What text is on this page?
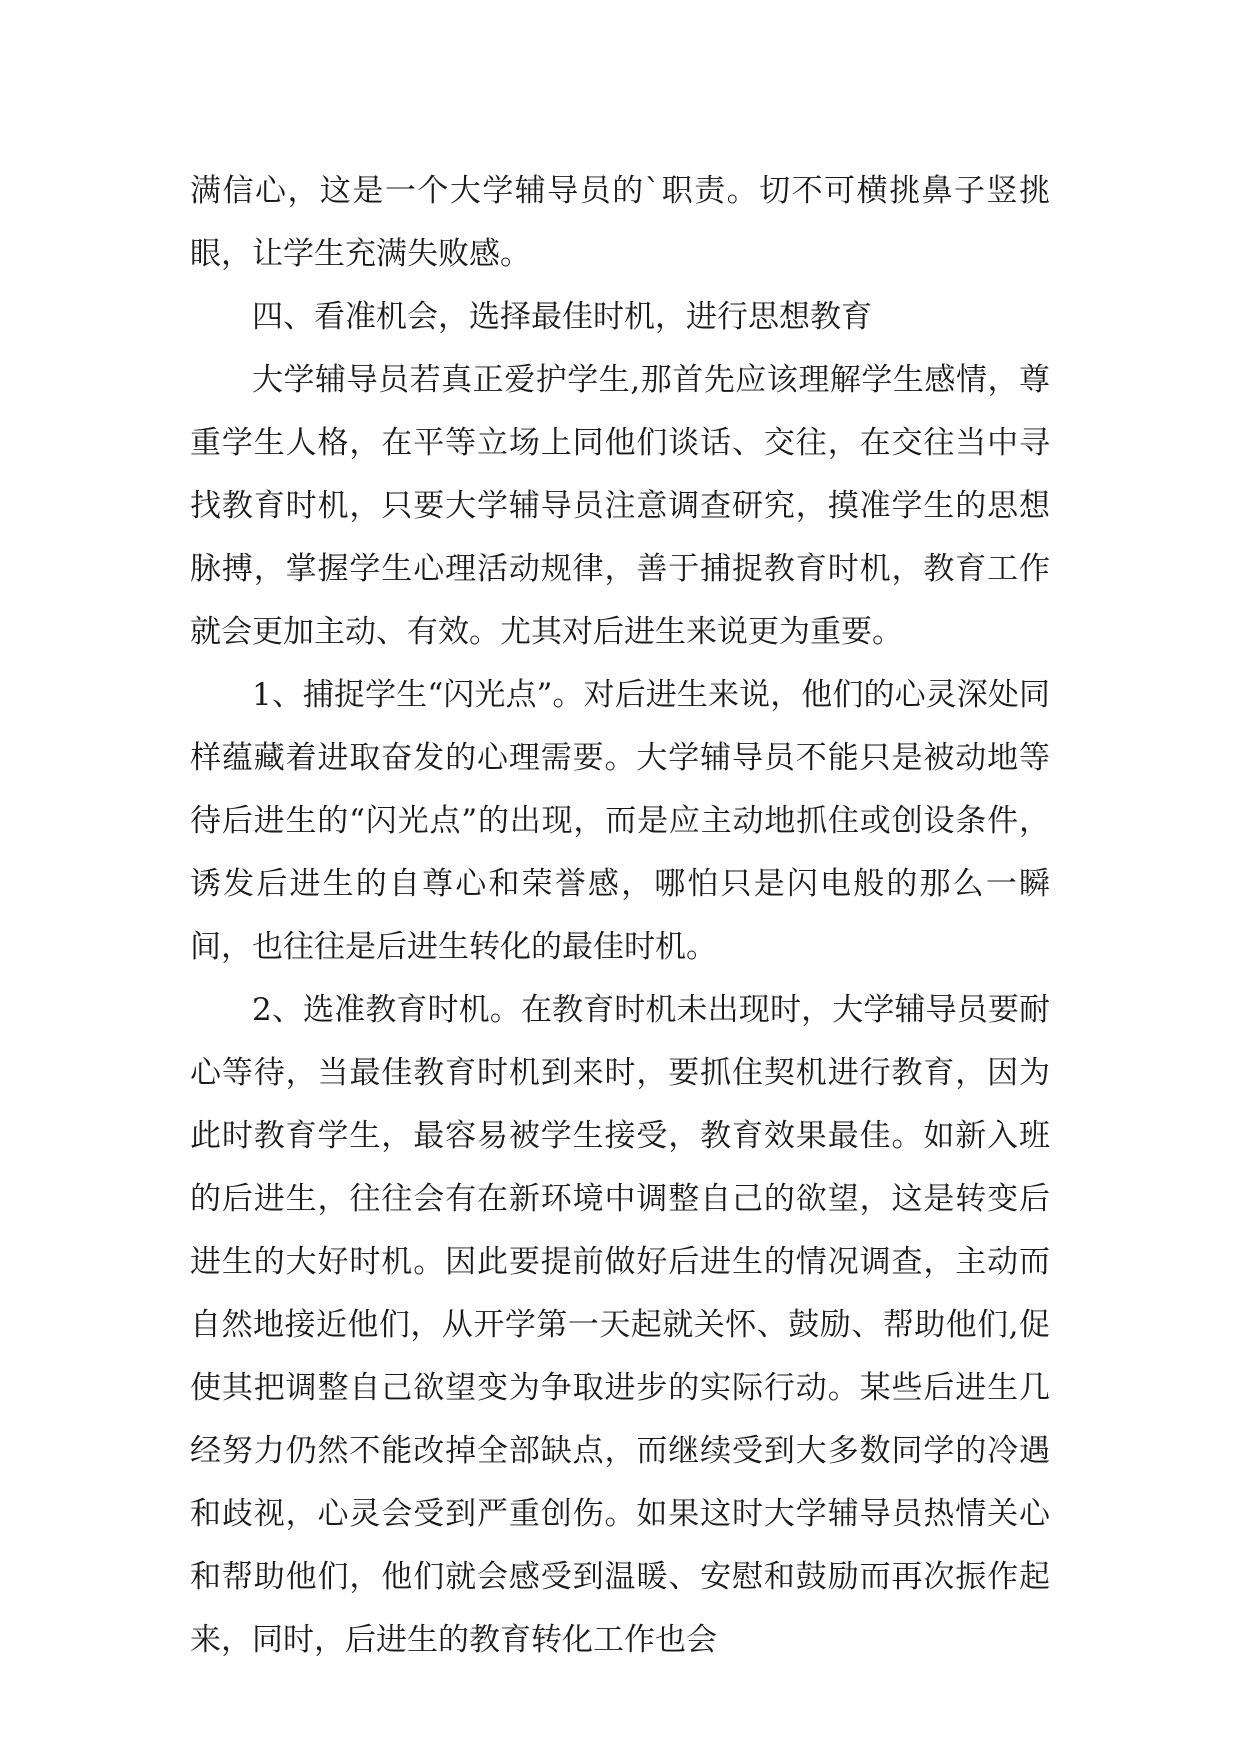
满信心，这是一个大学辅导员的`职责。切不可横挑鼻子竖挑眼，让学生充满失败感。

四、看准机会，选择最佳时机，进行思想教育

大学辅导员若真正爱护学生,那首先应该理解学生感情，尊重学生人格，在平等立场上同他们谈话、交往，在交往当中寻找教育时机，只要大学辅导员注意调查研究，摸准学生的思想脉搏，掌握学生心理活动规律，善于捕捉教育时机，教育工作就会更加主动、有效。尤其对后进生来说更为重要。

1、捕捉学生“闪光点”。对后进生来说，他们的心灵深处同样蕴藏着进取奋发的心理需要。大学辅导员不能只是被动地等待后进生的“闪光点”的出现，而是应主动地抓住或创设条件，诱发后进生的自尊心和荣誉感，哪怕只是闪电般的那么一瞬间，也往往是后进生转化的最佳时机。

2、选准教育时机。在教育时机未出现时，大学辅导员要耐心等待，当最佳教育时机到来时，要抓住契机进行教育，因为此时教育学生，最容易被学生接受，教育效果最佳。如新入班的后进生，往往会有在新环境中调整自己的欲望，这是转变后进生的大好时机。因此要提前做好后进生的情况调查，主动而自然地接近他们，从开学第一天起就关怀、鼓励、帮助他们,促使其把调整自己欲望变为争取进步的实际行动。某些后进生几经努力仍然不能改掉全部缺点，而继续受到大多数同学的冷遇和歧视，心灵会受到严重创伤。如果这时大学辅导员热情关心和帮助他们，他们就会感受到温暖、安慰和鼓励而再次振作起来，同时，后进生的教育转化工作也会
